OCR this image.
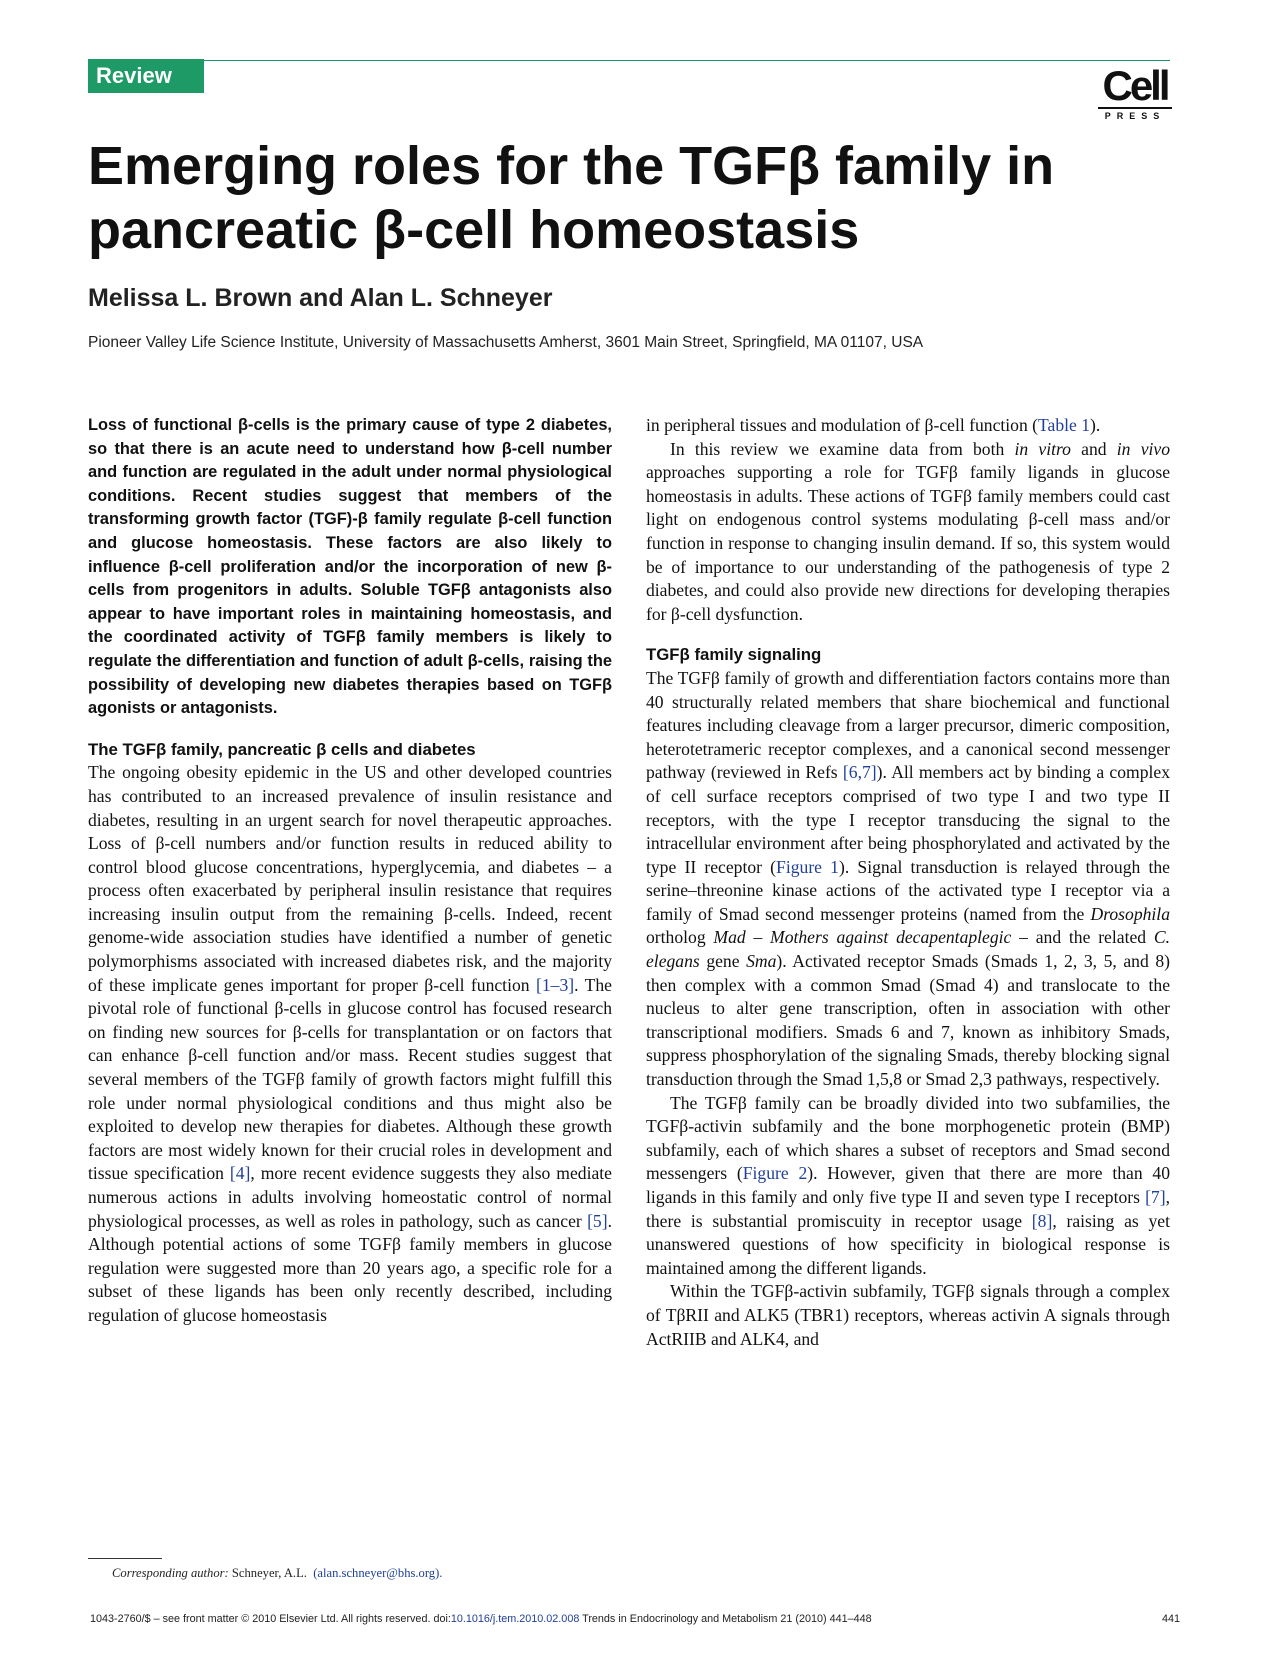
Review	Cell
PRESS
Emerging roles for the TGFβ family in
pancreatic β-cell homeostasis

Melissa L. Brown and Alan L. Schneyer

Pioneer Valley Life Science Institute, University of Massachusetts Amherst, 3601 Main Street, Springfield, MA 01107, USA

Loss of functional β-cells is the primary cause of type 2 diabetes, so that there is an acute need to understand how β-cell number and function are regulated in the adult under normal physiological conditions. Recent studies suggest that members of the transforming growth factor (TGF)-β family regulate β-cell function and glucose homeostasis. These factors are also likely to influence β-cell proliferation and/or the incorporation of new β-cells from progenitors in adults. Soluble TGFβ antagonists also appear to have important roles in maintaining homeostasis, and the coordinated activity of TGFβ family members is likely to regulate the differentiation and function of adult β-cells, raising the possibility of developing new diabetes therapies based on TGFβ agonists or antagonists.

The TGFβ family, pancreatic β cells and diabetes

The ongoing obesity epidemic in the US and other developed countries has contributed to an increased prevalence of insulin resistance and diabetes, resulting in an urgent search for novel therapeutic approaches. Loss of β-cell numbers and/or function results in reduced ability to control blood glucose concentrations, hyperglycemia, and diabetes – a process often exacerbated by peripheral insulin resistance that requires increasing insulin output from the remaining β-cells. Indeed, recent genome-wide association studies have identified a number of genetic polymorphisms associated with increased diabetes risk, and the majority of these implicate genes important for proper β-cell function [1–3]. The pivotal role of functional β-cells in glucose control has focused research on finding new sources for β-cells for transplantation or on factors that can enhance β-cell function and/or mass. Recent studies suggest that several members of the TGFβ family of growth factors might fulfill this role under normal physiological conditions and thus might also be exploited to develop new therapies for diabetes. Although these growth factors are most widely known for their crucial roles in development and tissue specification [4], more recent evidence suggests they also mediate numerous actions in adults involving homeostatic control of normal physiological processes, as well as roles in pathology, such as cancer [5]. Although potential actions of some TGFβ family members in glucose regulation were suggested more than 20 years ago, a specific role for a subset of these ligands has been only recently described, including regulation of glucose homeostasis

in peripheral tissues and modulation of β-cell function (Table 1).

In this review we examine data from both in vitro and in vivo approaches supporting a role for TGFβ family ligands in glucose homeostasis in adults. These actions of TGFβ family members could cast light on endogenous control systems modulating β-cell mass and/or function in response to changing insulin demand. If so, this system would be of importance to our understanding of the pathogenesis of type 2 diabetes, and could also provide new directions for developing therapies for β-cell dysfunction.

TGFβ family signaling

The TGFβ family of growth and differentiation factors contains more than 40 structurally related members that share biochemical and functional features including cleavage from a larger precursor, dimeric composition, heterotetrameric receptor complexes, and a canonical second messenger pathway (reviewed in Refs [6,7]). All members act by binding a complex of cell surface receptors comprised of two type I and two type II receptors, with the type I receptor transducing the signal to the intracellular environment after being phosphorylated and activated by the type II receptor (Figure 1). Signal transduction is relayed through the serine–threonine kinase actions of the activated type I receptor via a family of Smad second messenger proteins (named from the Drosophila ortholog Mad – Mothers against decapentaplegic – and the related C. elegans gene Sma). Activated receptor Smads (Smads 1, 2, 3, 5, and 8) then complex with a common Smad (Smad 4) and translocate to the nucleus to alter gene transcription, often in association with other transcriptional modifiers. Smads 6 and 7, known as inhibitory Smads, suppress phosphorylation of the signaling Smads, thereby blocking signal transduction through the Smad 1,5,8 or Smad 2,3 pathways, respectively.

The TGFβ family can be broadly divided into two subfamilies, the TGFβ-activin subfamily and the bone morphogenetic protein (BMP) subfamily, each of which shares a subset of receptors and Smad second messengers (Figure 2). However, given that there are more than 40 ligands in this family and only five type II and seven type I receptors [7], there is substantial promiscuity in receptor usage [8], raising as yet unanswered questions of how specificity in biological response is maintained among the different ligands.

Within the TGFβ-activin subfamily, TGFβ signals through a complex of TβRII and ALK5 (TBR1) receptors, whereas activin A signals through ActRIIB and ALK4, and

Corresponding author: Schneyer, A.L. (alan.schneyer@bhs.org).
1043-2760/$ – see front matter © 2010 Elsevier Ltd. All rights reserved. doi:10.1016/j.tem.2010.02.008 Trends in Endocrinology and Metabolism 21 (2010) 441–448	441
